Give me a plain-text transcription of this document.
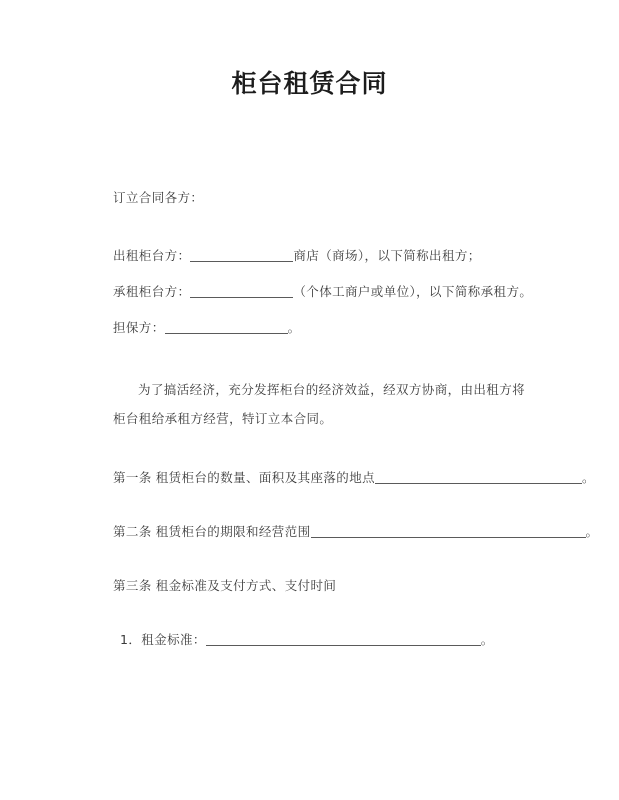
柜台租赁合同
订立合同各方：
出租柜台方：	商店（商场），以下简称出租方；
承租柜台方：	（个体工商户或单位），以下简称承租方。
担保方：	。
为了搞活经济，充分发挥柜台的经济效益，经双方协商，由出租方将柜台租给承租方经营，特订立本合同。
第一条 租赁柜台的数量、面积及其座落的地点	。
第二条 租赁柜台的期限和经营范围	。
第三条 租金标准及支付方式、支付时间
1．租金标准：	。
